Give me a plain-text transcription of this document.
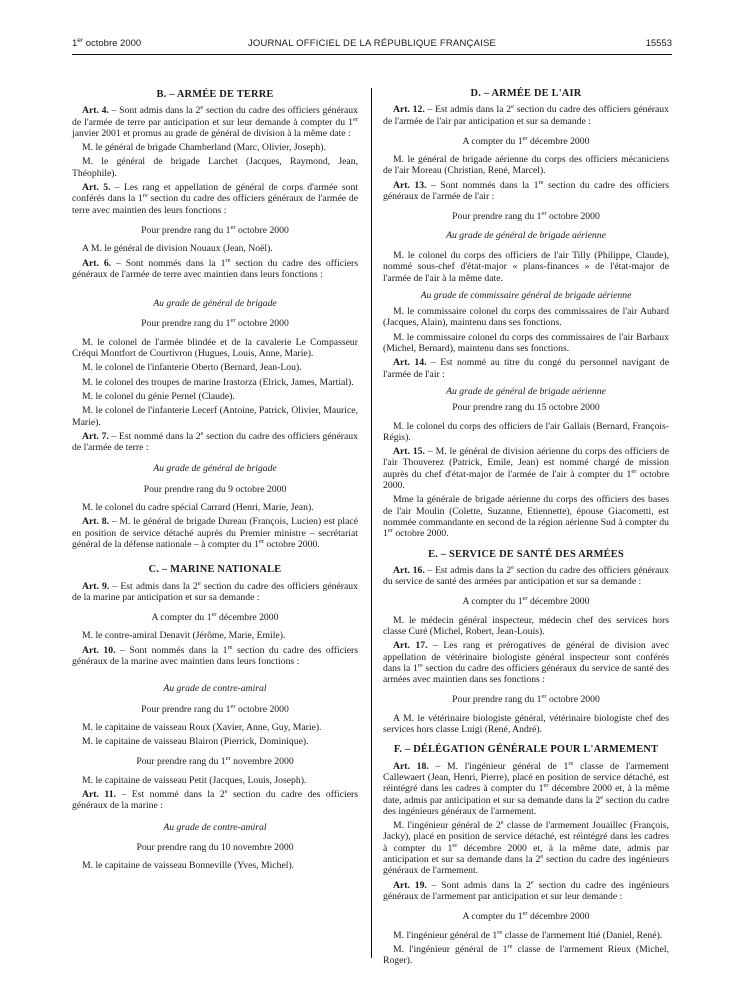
1er octobre 2000	JOURNAL OFFICIEL DE LA RÉPUBLIQUE FRANÇAISE	15553
B. – ARMÉE DE TERRE

Art. 4. – Sont admis dans la 2e section du cadre des officiers généraux de l'armée de terre par anticipation et sur leur demande à compter du 1er janvier 2001 et promus au grade de général de division à la même date :

M. le général de brigade Chamberland (Marc, Olivier, Joseph).

M. le général de brigade Larchet (Jacques, Raymond, Jean, Théophile).

Art. 5. – Les rang et appellation de général de corps d'armée sont conférés dans la 1re section du cadre des officiers généraux de l'armée de terre avec maintien des leurs fonctions :

Pour prendre rang du 1er octobre 2000

A M. le général de division Nouaux (Jean, Noël).

Art. 6. – Sont nommés dans la 1re section du cadre des officiers généraux de l'armée de terre avec maintien dans leurs fonctions :

Au grade de général de brigade
Pour prendre rang du 1er octobre 2000

M. le colonel de l'armée blindée et de la cavalerie Le Compasseur Créqui Montfort de Courtivron (Hugues, Louis, Anne, Marie).

M. le colonel de l'infanterie Oberto (Bernard, Jean-Lou).

M. le colonel des troupes de marine Irastorza (Elrick, James, Martial).

M. le colonel du génie Pernel (Claude).

M. le colonel de l'infanterie Lecerf (Antoine, Patrick, Olivier, Maurice, Marie).

Art. 7. – Est nommé dans la 2e section du cadre des officiers généraux de l'armée de terre :

Au grade de général de brigade
Pour prendre rang du 9 octobre 2000

M. le colonel du cadre spécial Carrard (Henri, Marie, Jean).

Art. 8. – M. le général de brigade Dureau (François, Lucien) est placé en position de service détaché auprès du Premier ministre – secrétariat général de la défense nationale – à compter du 1er octobre 2000.

C. – MARINE NATIONALE

Art. 9. – Est admis dans la 2e section du cadre des officiers généraux de la marine par anticipation et sur sa demande :

A compter du 1er décembre 2000

M. le contre-amiral Denavit (Jérôme, Marie, Emile).

Art. 10. – Sont nommés dans la 1re section du cadre des officiers généraux de la marine avec maintien dans leurs fonctions :

Au grade de contre-amiral
Pour prendre rang du 1er octobre 2000

M. le capitaine de vaisseau Roux (Xavier, Anne, Guy, Marie).

M. le capitaine de vaisseau Blairon (Pierrick, Dominique).

Pour prendre rang du 1er novembre 2000

M. le capitaine de vaisseau Petit (Jacques, Louis, Joseph).

Art. 11. – Est nommé dans la 2e section du cadre des officiers généraux de la marine :

Au grade de contre-amiral
Pour prendre rang du 10 novembre 2000

M. le capitaine de vaisseau Bonneville (Yves, Michel).

D. – ARMÉE DE L'AIR

Art. 12. – Est admis dans la 2e section du cadre des officiers généraux de l'armée de l'air par anticipation et sur sa demande :

A compter du 1er décembre 2000

M. le général de brigade aérienne du corps des officiers mécaniciens de l'air Moreau (Christian, René, Marcel).

Art. 13. – Sont nommés dans la 1re section du cadre des officiers généraux de l'armée de l'air :

Pour prendre rang du 1er octobre 2000
Au grade de général de brigade aérienne

M. le colonel du corps des officiers de l'air Tilly (Philippe, Claude), nommé sous-chef d'état-major « plans-finances » de l'état-major de l'armée de l'air à la même date.

Au grade de commissaire général de brigade aérienne

M. le commissaire colonel du corps des commissaires de l'air Aubard (Jacques, Alain), maintenu dans ses fonctions.

M. le commissaire colonel du corps des commissaires de l'air Barbaux (Michel, Bernard), maintenu dans ses fonctions.

Art. 14. – Est nommé au titre du congé du personnel navigant de l'armée de l'air :

Au grade de général de brigade aérienne
Pour prendre rang du 15 octobre 2000

M. le colonel du corps des officiers de l'air Gallais (Bernard, François-Régis).

Art. 15. – M. le général de division aérienne du corps des officiers de l'air Thouverez (Patrick, Emile, Jean) est nommé chargé de mission auprès du chef d'état-major de l'armée de l'air à compter du 1er octobre 2000.

Mme la générale de brigade aérienne du corps des officiers des bases de l'air Moulin (Colette, Suzanne, Etiennette), épouse Giacometti, est nommée commandante en second de la région aérienne Sud à compter du 1er octobre 2000.

E. – SERVICE DE SANTÉ DES ARMÉES

Art. 16. – Est admis dans la 2e section du cadre des officiers généraux du service de santé des armées par anticipation et sur sa demande :

A compter du 1er décembre 2000

M. le médecin général inspecteur, médecin chef des services hors classe Curé (Michel, Robert, Jean-Louis).

Art. 17. – Les rang et prérogatives de général de division avec appellation de vétérinaire biologiste général inspecteur sont conférés dans la 1re section du cadre des officiers généraux du service de santé des armées avec maintien dans ses fonctions :

Pour prendre rang du 1er octobre 2000

A M. le vétérinaire biologiste général, vétérinaire biologiste chef des services hors classe Luigi (René, André).

F. – DÉLÉGATION GÉNÉRALE POUR L'ARMEMENT

Art. 18. – M. l'ingénieur général de 1re classe de l'armement Callewaert (Jean, Henri, Pierre), placé en position de service détaché, est réintégré dans les cadres à compter du 1er décembre 2000 et, à la même date, admis par anticipation et sur sa demande dans la 2e section du cadre des ingénieurs généraux de l'armement.

M. l'ingénieur général de 2e classe de l'armement Jouaillec (François, Jacky), placé en position de service détaché, est réintégré dans les cadres à compter du 1er décembre 2000 et, à la même date, admis par anticipation et sur sa demande dans la 2e section du cadre des ingénieurs généraux de l'armement.

Art. 19. – Sont admis dans la 2e section du cadre des ingénieurs généraux de l'armement par anticipation et sur leur demande :

A compter du 1er décembre 2000

M. l'ingénieur général de 1re classe de l'armement Itié (Daniel, René).

M. l'ingénieur général de 1re classe de l'armement Rieux (Michel, Roger).
